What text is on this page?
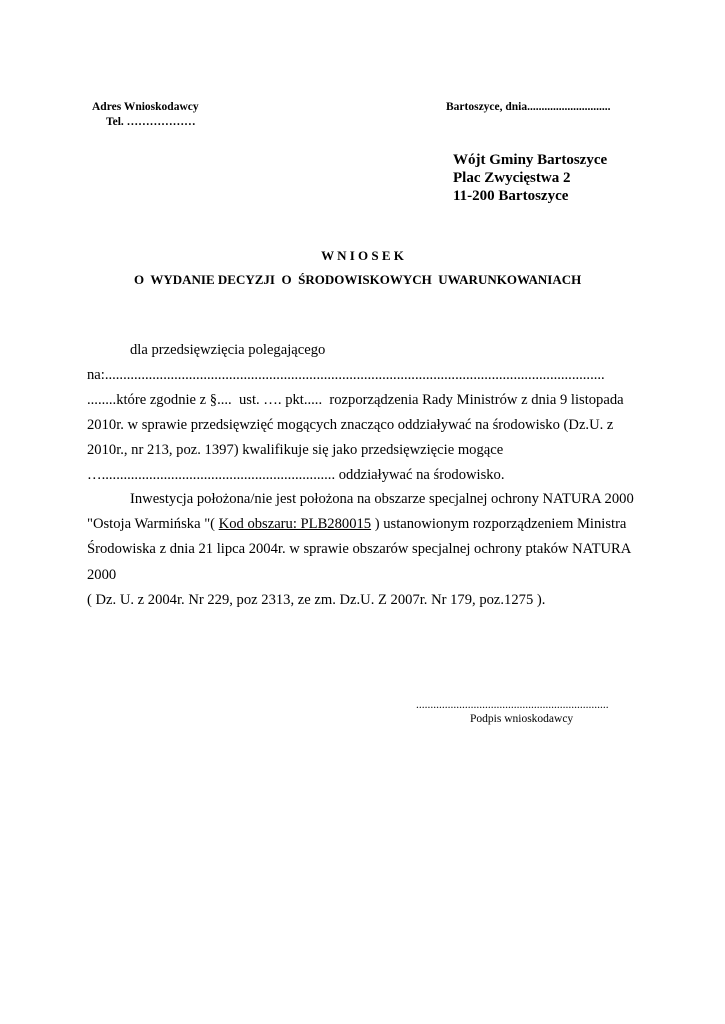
Adres Wnioskodawcy
Tel. ………………
Bartoszyce, dnia.............................
Wójt Gminy Bartoszyce
Plac Zwycięstwa 2
11-200 Bartoszyce
W N I O S E K
O  WYDANIE DECYZJI  O  ŚRODOWISKOWYCH  UWARUNKOWANIACH
dla przedsięwzięcia polegającego
na:.........................................................................................................................................
........które zgodnie z §....  ust. …. pkt.....  rozporządzenia Rady Ministrów z dnia 9 listopada
2010r. w sprawie przedsięwzięć mogących znacząco oddziaływać na środowisko (Dz.U. z
2010r., nr 213, poz. 1397) kwalifikuje się jako przedsięwzięcie mogące
…................................................................ oddziaływać na środowisko.
Inwestycja położona/nie jest położona na obszarze specjalnej ochrony NATURA 2000
"Ostoja Warmińska "( Kod obszaru: PLB280015 ) ustanowionym rozporządzeniem Ministra
Środowiska z dnia 21 lipca 2004r. w sprawie obszarów specjalnej ochrony ptaków NATURA
2000
( Dz. U. z 2004r. Nr 229, poz 2313, ze zm. Dz.U. Z 2007r. Nr 179, poz.1275 ).
...................................................................
Podpis wnioskodawcy
